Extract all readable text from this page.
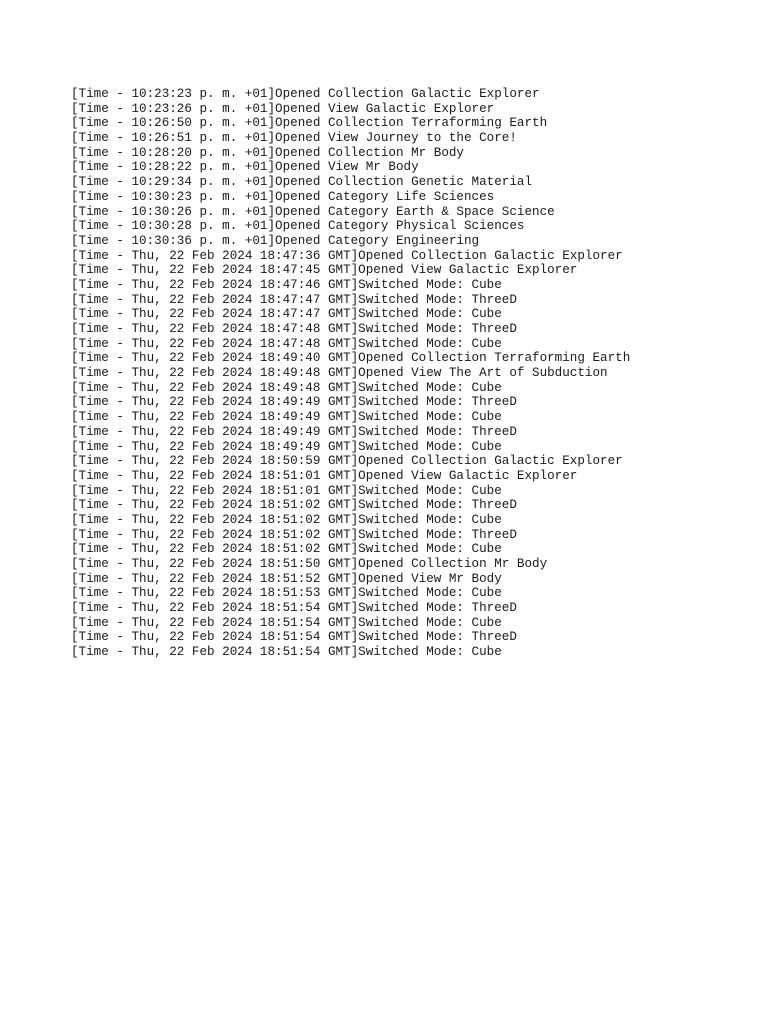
[Time - 10:23:23 p. m. +01]Opened Collection Galactic Explorer
[Time - 10:23:26 p. m. +01]Opened View Galactic Explorer
[Time - 10:26:50 p. m. +01]Opened Collection Terraforming Earth
[Time - 10:26:51 p. m. +01]Opened View Journey to the Core!
[Time - 10:28:20 p. m. +01]Opened Collection Mr Body
[Time - 10:28:22 p. m. +01]Opened View Mr Body
[Time - 10:29:34 p. m. +01]Opened Collection Genetic Material
[Time - 10:30:23 p. m. +01]Opened Category Life Sciences
[Time - 10:30:26 p. m. +01]Opened Category Earth & Space Science
[Time - 10:30:28 p. m. +01]Opened Category Physical Sciences
[Time - 10:30:36 p. m. +01]Opened Category Engineering
[Time - Thu, 22 Feb 2024 18:47:36 GMT]Opened Collection Galactic Explorer
[Time - Thu, 22 Feb 2024 18:47:45 GMT]Opened View Galactic Explorer
[Time - Thu, 22 Feb 2024 18:47:46 GMT]Switched Mode: Cube
[Time - Thu, 22 Feb 2024 18:47:47 GMT]Switched Mode: ThreeD
[Time - Thu, 22 Feb 2024 18:47:47 GMT]Switched Mode: Cube
[Time - Thu, 22 Feb 2024 18:47:48 GMT]Switched Mode: ThreeD
[Time - Thu, 22 Feb 2024 18:47:48 GMT]Switched Mode: Cube
[Time - Thu, 22 Feb 2024 18:49:40 GMT]Opened Collection Terraforming Earth
[Time - Thu, 22 Feb 2024 18:49:48 GMT]Opened View The Art of Subduction
[Time - Thu, 22 Feb 2024 18:49:48 GMT]Switched Mode: Cube
[Time - Thu, 22 Feb 2024 18:49:49 GMT]Switched Mode: ThreeD
[Time - Thu, 22 Feb 2024 18:49:49 GMT]Switched Mode: Cube
[Time - Thu, 22 Feb 2024 18:49:49 GMT]Switched Mode: ThreeD
[Time - Thu, 22 Feb 2024 18:49:49 GMT]Switched Mode: Cube
[Time - Thu, 22 Feb 2024 18:50:59 GMT]Opened Collection Galactic Explorer
[Time - Thu, 22 Feb 2024 18:51:01 GMT]Opened View Galactic Explorer
[Time - Thu, 22 Feb 2024 18:51:01 GMT]Switched Mode: Cube
[Time - Thu, 22 Feb 2024 18:51:02 GMT]Switched Mode: ThreeD
[Time - Thu, 22 Feb 2024 18:51:02 GMT]Switched Mode: Cube
[Time - Thu, 22 Feb 2024 18:51:02 GMT]Switched Mode: ThreeD
[Time - Thu, 22 Feb 2024 18:51:02 GMT]Switched Mode: Cube
[Time - Thu, 22 Feb 2024 18:51:50 GMT]Opened Collection Mr Body
[Time - Thu, 22 Feb 2024 18:51:52 GMT]Opened View Mr Body
[Time - Thu, 22 Feb 2024 18:51:53 GMT]Switched Mode: Cube
[Time - Thu, 22 Feb 2024 18:51:54 GMT]Switched Mode: ThreeD
[Time - Thu, 22 Feb 2024 18:51:54 GMT]Switched Mode: Cube
[Time - Thu, 22 Feb 2024 18:51:54 GMT]Switched Mode: ThreeD
[Time - Thu, 22 Feb 2024 18:51:54 GMT]Switched Mode: Cube
